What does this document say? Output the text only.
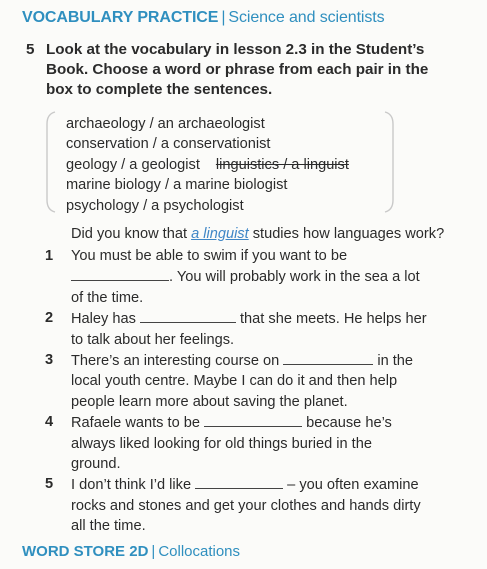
VOCABULARY PRACTICE | Science and scientists
5 Look at the vocabulary in lesson 2.3 in the Student’s
Book. Choose a word or phrase from each pair in the
box to complete the sentences.
archaeology / an archaeologist
conservation / a conservationist
geology / a geologist linguistics / a linguist
marine biology / a marine biologist
psychology / a psychologist
Did you know that a linguist studies how languages work?
1 You must be able to swim if you want to be
. You will probably work in the sea a lot
of the time.
2 Haley has	that she meets. He helps her
to talk about her feelings.
3 There’s an interesting course on	in the
local youth centre. Maybe I can do it and then help
people learn more about saving the planet.
4 Rafaele wants to be	because he’s
always liked looking for old things buried in the
ground.
5 I don’t think I’d like	– you often examine
rocks and stones and get your clothes and hands dirty
all the time.
WORD STORE 2D | Collocations
